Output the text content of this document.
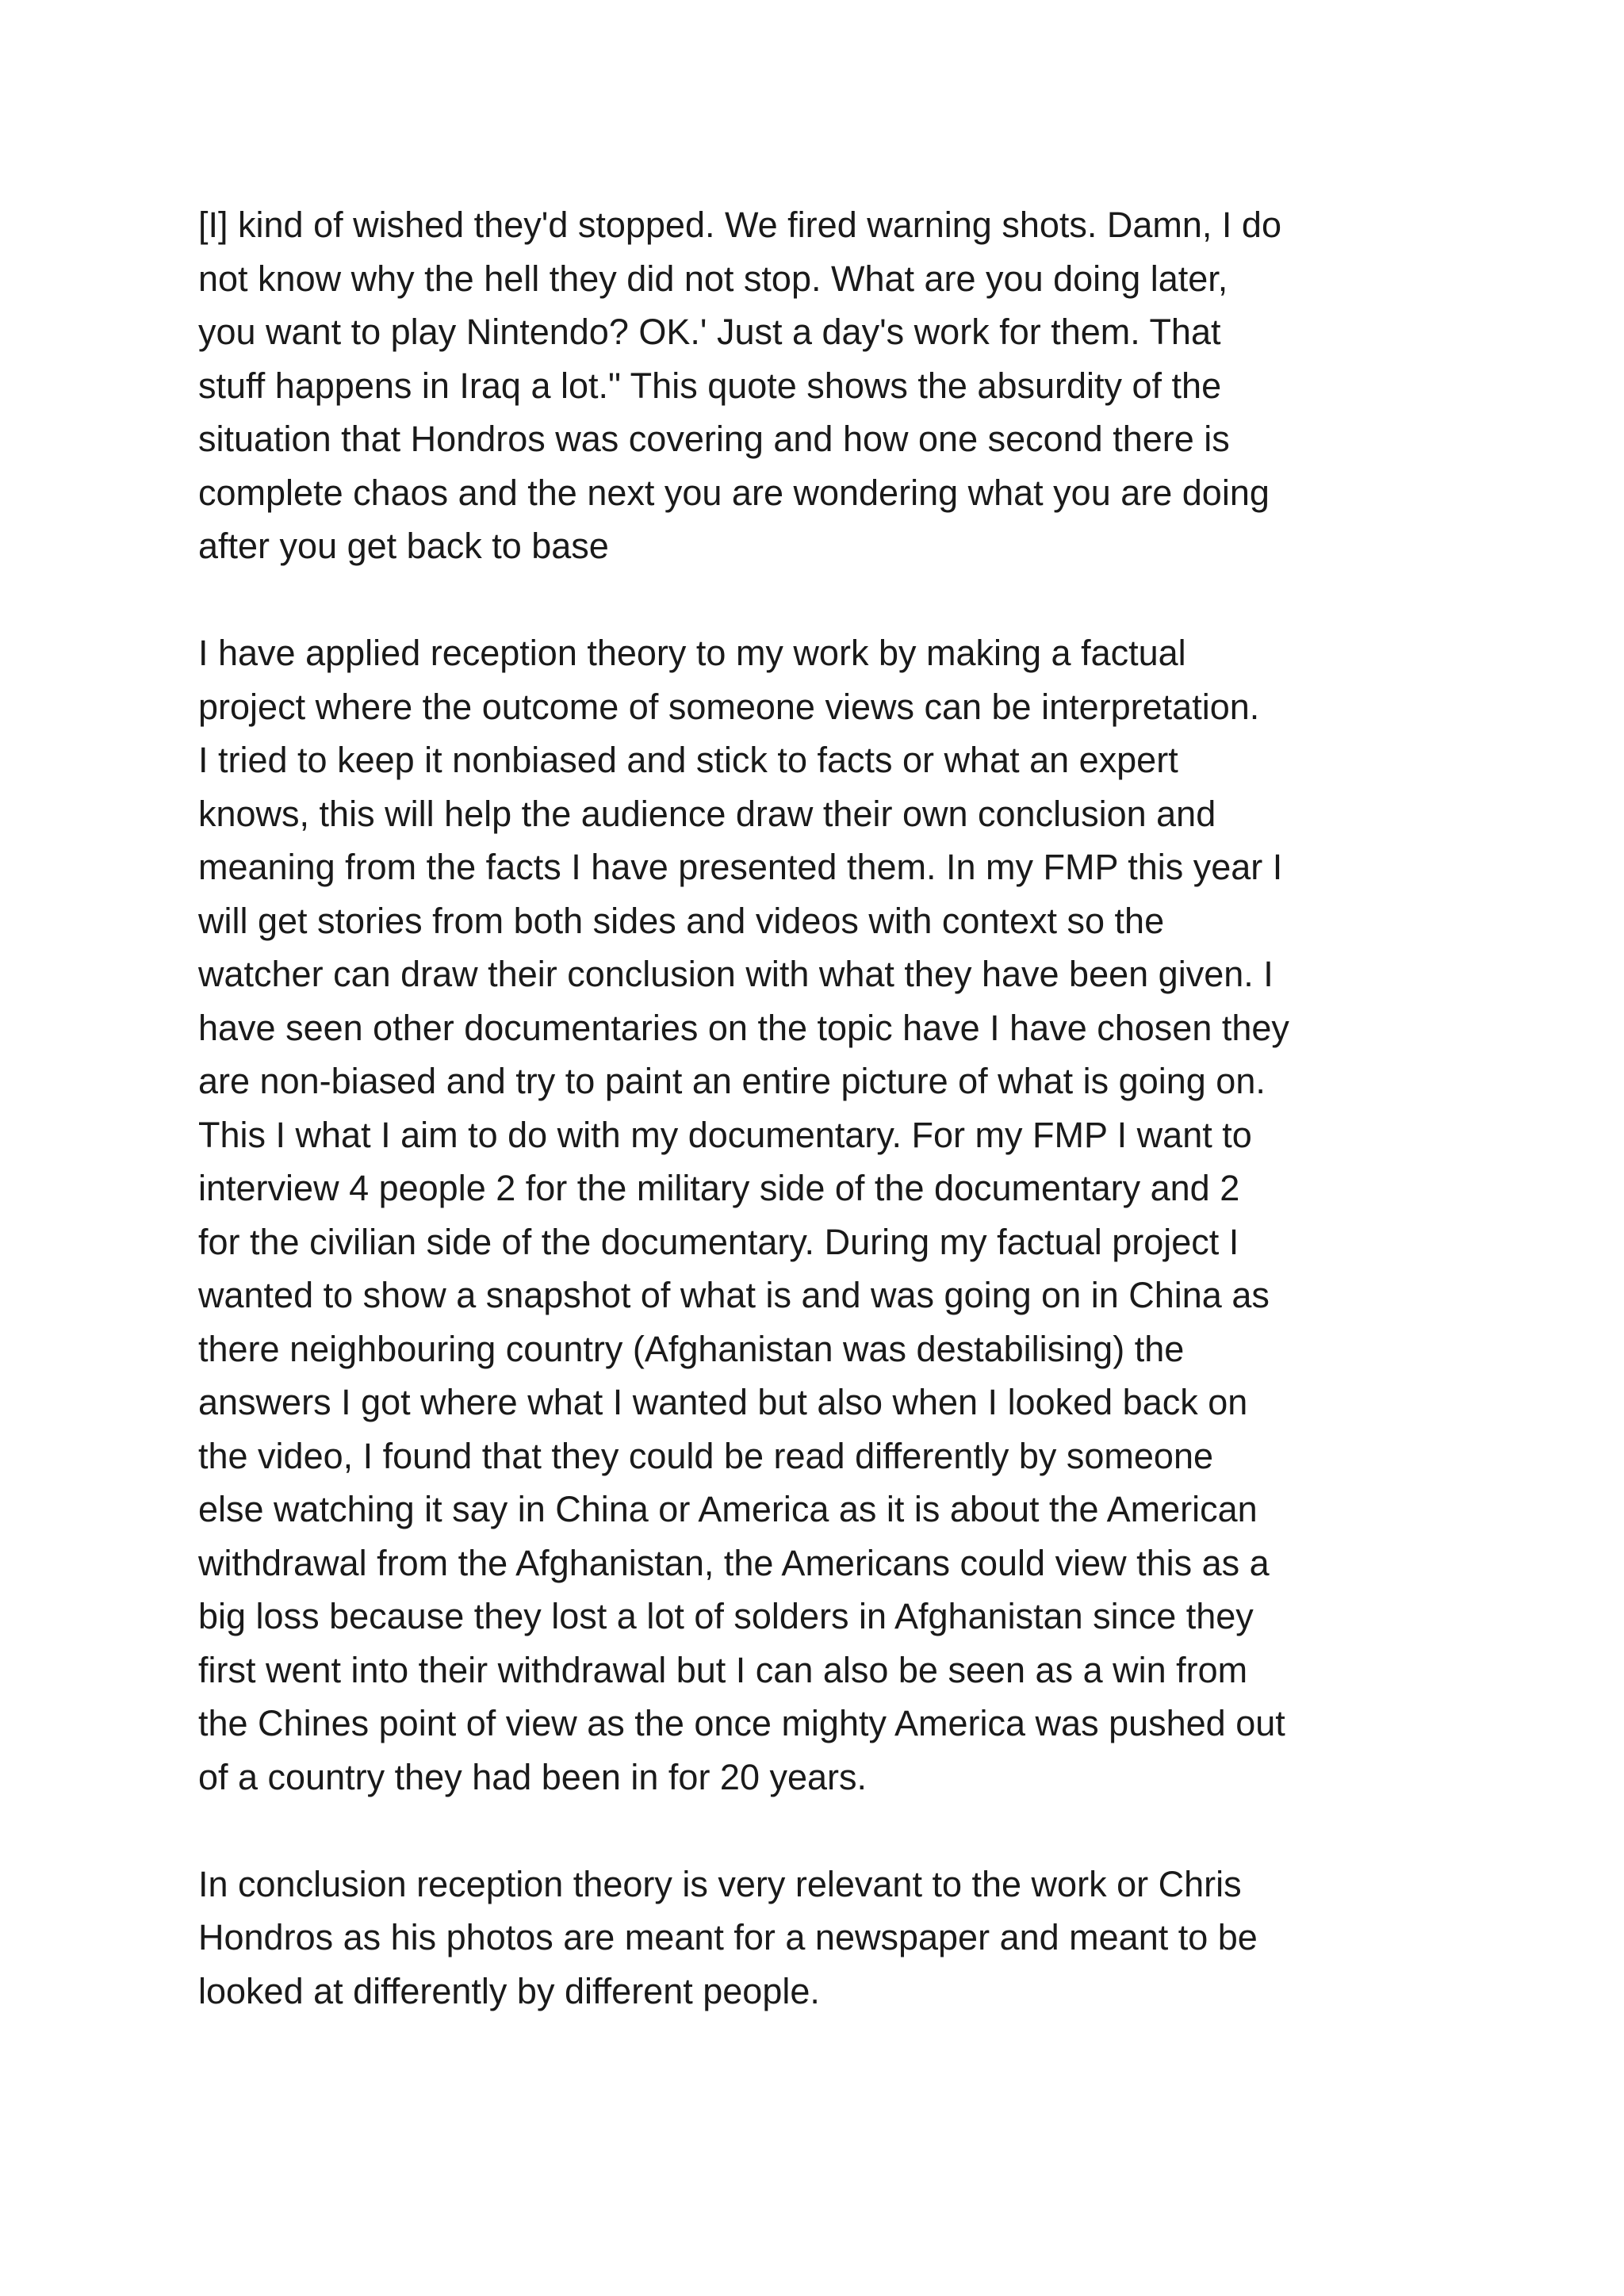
[I] kind of wished they'd stopped. We fired warning shots. Damn, I do
not know why the hell they did not stop. What are you doing later,
you want to play Nintendo? OK.' Just a day's work for them. That
stuff happens in Iraq a lot." This quote shows the absurdity of the
situation that Hondros was covering and how one second there is
complete chaos and the next you are wondering what you are doing
after you get back to base

I have applied reception theory to my work by making a factual
project where the outcome of someone views can be interpretation.
I tried to keep it nonbiased and stick to facts or what an expert
knows, this will help the audience draw their own conclusion and
meaning from the facts I have presented them. In my FMP this year I
will get stories from both sides and videos with context so the
watcher can draw their conclusion with what they have been given. I
have seen other documentaries on the topic have I have chosen they
are non-biased and try to paint an entire picture of what is going on.
This I what I aim to do with my documentary. For my FMP I want to
interview 4 people 2 for the military side of the documentary and 2
for the civilian side of the documentary. During my factual project I
wanted to show a snapshot of what is and was going on in China as
there neighbouring country (Afghanistan was destabilising) the
answers I got where what I wanted but also when I looked back on
the video, I found that they could be read differently by someone
else watching it say in China or America as it is about the American
withdrawal from the Afghanistan, the Americans could view this as a
big loss because they lost a lot of solders in Afghanistan since they
first went into their withdrawal but I can also be seen as a win from
the Chines point of view as the once mighty America was pushed out
of a country they had been in for 20 years.

In conclusion reception theory is very relevant to the work or Chris
Hondros as his photos are meant for a newspaper and meant to be
looked at differently by different people.
